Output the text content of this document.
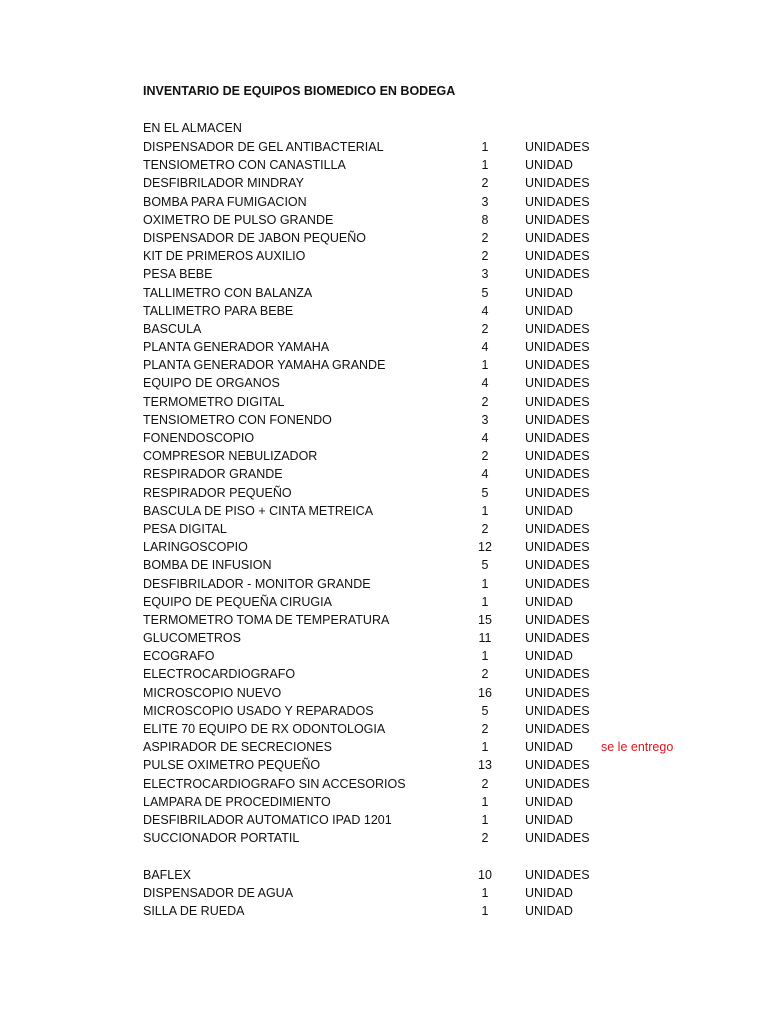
INVENTARIO DE EQUIPOS BIOMEDICO EN BODEGA
EN EL ALMACEN
DISPENSADOR DE GEL ANTIBACTERIAL	1	UNIDADES
TENSIOMETRO CON CANASTILLA	1	UNIDAD
DESFIBRILADOR MINDRAY	2	UNIDADES
BOMBA PARA FUMIGACION	3	UNIDADES
OXIMETRO DE PULSO GRANDE	8	UNIDADES
DISPENSADOR DE JABON PEQUEÑO	2	UNIDADES
KIT DE PRIMEROS AUXILIO	2	UNIDADES
PESA BEBE	3	UNIDADES
TALLIMETRO CON BALANZA	5	UNIDAD
TALLIMETRO PARA BEBE	4	UNIDAD
BASCULA	2	UNIDADES
PLANTA GENERADOR YAMAHA	4	UNIDADES
PLANTA GENERADOR YAMAHA GRANDE	1	UNIDADES
EQUIPO DE ORGANOS	4	UNIDADES
TERMOMETRO DIGITAL	2	UNIDADES
TENSIOMETRO CON FONENDO	3	UNIDADES
FONENDOSCOPIO	4	UNIDADES
COMPRESOR NEBULIZADOR	2	UNIDADES
RESPIRADOR GRANDE	4	UNIDADES
RESPIRADOR PEQUEÑO	5	UNIDADES
BASCULA DE PISO + CINTA METREICA	1	UNIDAD
PESA DIGITAL	2	UNIDADES
LARINGOSCOPIO	12	UNIDADES
BOMBA DE INFUSION	5	UNIDADES
DESFIBRILADOR - MONITOR GRANDE	1	UNIDADES
EQUIPO DE PEQUEÑA CIRUGIA	1	UNIDAD
TERMOMETRO TOMA DE TEMPERATURA	15	UNIDADES
GLUCOMETROS	11	UNIDADES
ECOGRAFO	1	UNIDAD
ELECTROCARDIOGRAFO	2	UNIDADES
MICROSCOPIO NUEVO	16	UNIDADES
MICROSCOPIO USADO Y REPARADOS	5	UNIDADES
ELITE 70 EQUIPO DE RX ODONTOLOGIA	2	UNIDADES
ASPIRADOR DE SECRECIONES	1	UNIDAD se le entrego
PULSE OXIMETRO PEQUEÑO	13	UNIDADES
ELECTROCARDIOGRAFO SIN ACCESORIOS	2	UNIDADES
LAMPARA DE PROCEDIMIENTO	1	UNIDAD
DESFIBRILADOR AUTOMATICO IPAD 1201	1	UNIDAD
SUCCIONADOR PORTATIL	2	UNIDADES
BAFLEX	10	UNIDADES
DISPENSADOR DE AGUA	1	UNIDAD
SILLA DE RUEDA	1	UNIDAD
